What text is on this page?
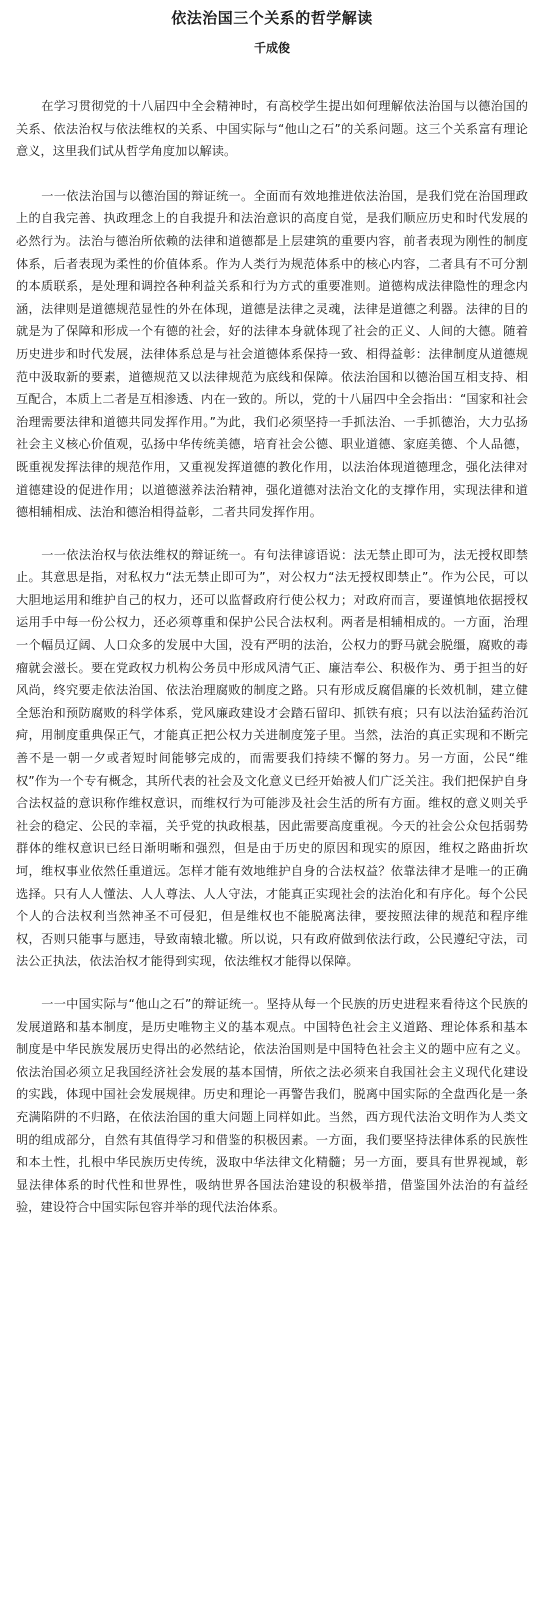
依法治国三个关系的哲学解读
千成俊

在学习贯彻党的十八届四中全会精神时，有高校学生提出如何理解依法治国与以德治国的关系、依法治权与依法维权的关系、中国实际与“他山之石”的关系问题。这三个关系富有理论意义，这里我们试从哲学角度加以解读。

一一依法治国与以德治国的辩证统一。全面而有效地推进依法治国，是我们党在治国理政上的自我完善、执政理念上的自我提升和法治意识的高度自觉，是我们顺应历史和时代发展的必然行为。法治与德治所依赖的法律和道德都是上层建筑的重要内容，前者表现为刚性的制度体系，后者表现为柔性的价值体系。作为人类行为规范体系中的核心内容，二者具有不可分割的本质联系，是处理和调控各种利益关系和行为方式的重要准则。道德构成法律隐性的理念内涵，法律则是道德规范显性的外在体现，道德是法律之灵魂，法律是道德之利器。法律的目的就是为了保障和形成一个有德的社会，好的法律本身就体现了社会的正义、人间的大德。随着历史进步和时代发展，法律体系总是与社会道德体系保持一致、相得益彰：法律制度从道德规范中汲取新的要素，道德规范又以法律规范为底线和保障。依法治国和以德治国互相支持、相互配合，本质上二者是互相渗透、内在一致的。所以，党的十八届四中全会指出：“国家和社会治理需要法律和道德共同发挥作用。”为此，我们必须坚持一手抓法治、一手抓德治，大力弘扬社会主义核心价值观，弘扬中华传统美德，培育社会公德、职业道德、家庭美德、个人品德，既重视发挥法律的规范作用，又重视发挥道德的教化作用，以法治体现道德理念，强化法律对道德建设的促进作用；以道德滋养法治精神，强化道德对法治文化的支撑作用，实现法律和道德相辅相成、法治和德治相得益彰，二者共同发挥作用。

一一依法治权与依法维权的辩证统一。有句法律谚语说：法无禁止即可为，法无授权即禁止。其意思是指，对私权力“法无禁止即可为”，对公权力“法无授权即禁止”。作为公民，可以大胆地运用和维护自己的权力，还可以监督政府行使公权力；对政府而言，要谨慎地依据授权运用手中每一份公权力，还必须尊重和保护公民合法权利。两者是相辅相成的。一方面，治理一个幅员辽阔、人口众多的发展中大国，没有严明的法治，公权力的野马就会脱缰，腐败的毒瘤就会滋长。要在党政权力机构公务员中形成风清气正、廉洁奉公、积极作为、勇于担当的好风尚，终究要走依法治国、依法治理腐败的制度之路。只有形成反腐倡廉的长效机制，建立健全惩治和预防腐败的科学体系，党风廉政建设才会踏石留印、抓铁有痕；只有以法治猛药治沉疴，用制度重典保正气，才能真正把公权力关进制度笼子里。当然，法治的真正实现和不断完善不是一朝一夕或者短时间能够完成的，而需要我们持续不懈的努力。另一方面，公民“维权”作为一个专有概念，其所代表的社会及文化意义已经开始被人们广泛关注。我们把保护自身合法权益的意识称作维权意识，而维权行为可能涉及社会生活的所有方面。维权的意义则关乎社会的稳定、公民的幸福，关乎党的执政根基，因此需要高度重视。今天的社会公众包括弱势群体的维权意识已经日渐明晰和强烈，但是由于历史的原因和现实的原因，维权之路曲折坎坷，维权事业依然任重道远。怎样才能有效地维护自身的合法权益？依靠法律才是唯一的正确选择。只有人人懂法、人人尊法、人人守法，才能真正实现社会的法治化和有序化。每个公民个人的合法权利当然神圣不可侵犯，但是维权也不能脱离法律，要按照法律的规范和程序维权，否则只能事与愿违，导致南辕北辙。所以说，只有政府做到依法行政，公民遵纪守法，司法公正执法，依法治权才能得到实现，依法维权才能得以保障。

一一中国实际与“他山之石”的辩证统一。坚持从每一个民族的历史进程来看待这个民族的发展道路和基本制度，是历史唯物主义的基本观点。中国特色社会主义道路、理论体系和基本制度是中华民族发展历史得出的必然结论，依法治国则是中国特色社会主义的题中应有之义。依法治国必须立足我国经济社会发展的基本国情，所依之法必须来自我国社会主义现代化建设的实践，体现中国社会发展规律。历史和理论一再警告我们，脱离中国实际的全盘西化是一条充满陷阱的不归路，在依法治国的重大问题上同样如此。当然，西方现代法治文明作为人类文明的组成部分，自然有其值得学习和借鉴的积极因素。一方面，我们要坚持法律体系的民族性和本土性，扎根中华民族历史传统，汲取中华法律文化精髓；另一方面，要具有世界视域，彰显法律体系的时代性和世界性，吸纳世界各国法治建设的积极举措，借鉴国外法治的有益经验，建设符合中国实际包容并举的现代法治体系。
